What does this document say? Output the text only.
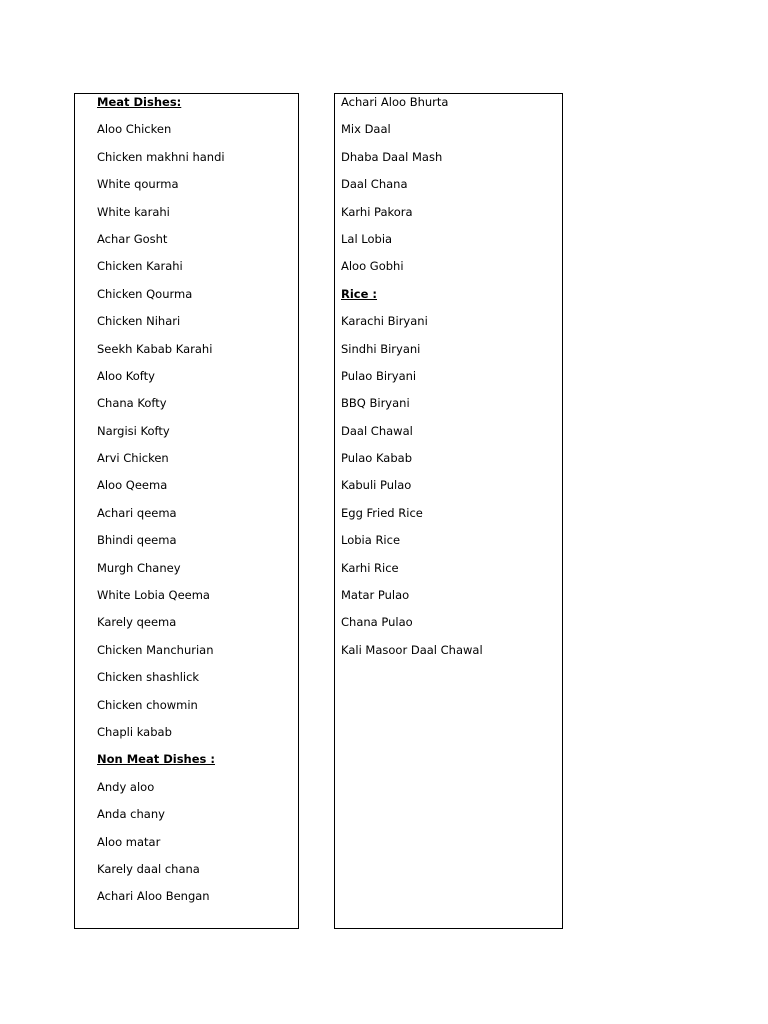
Meat Dishes:
Aloo Chicken
Chicken makhni handi
White qourma
White karahi
Achar Gosht
Chicken Karahi
Chicken Qourma
Chicken Nihari
Seekh Kabab Karahi
Aloo Kofty
Chana Kofty
Nargisi Kofty
Arvi Chicken
Aloo Qeema
Achari qeema
Bhindi qeema
Murgh Chaney
White Lobia Qeema
Karely qeema
Chicken Manchurian
Chicken shashlick
Chicken chowmin
Chapli kabab
Non Meat Dishes :
Andy aloo
Anda chany
Aloo matar
Karely daal chana
Achari Aloo Bengan
Achari Aloo Bhurta
Mix Daal
Dhaba Daal Mash
Daal Chana
Karhi Pakora
Lal Lobia
Aloo Gobhi
Rice :
Karachi Biryani
Sindhi Biryani
Pulao Biryani
BBQ Biryani
Daal Chawal
Pulao Kabab
Kabuli Pulao
Egg Fried Rice
Lobia Rice
Karhi Rice
Matar Pulao
Chana Pulao
Kali Masoor Daal Chawal
